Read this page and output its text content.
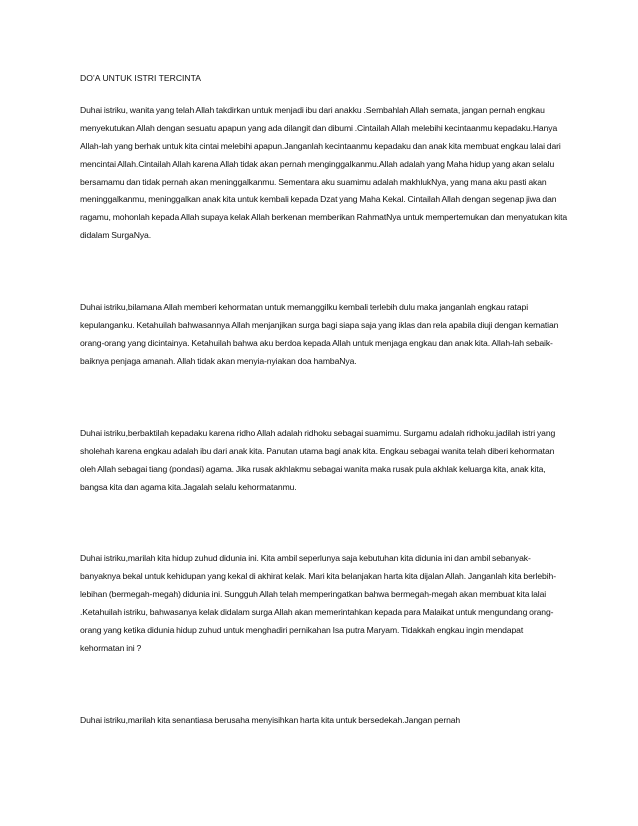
DO’A UNTUK ISTRI TERCINTA

Duhai istriku, wanita yang telah Allah takdirkan untuk menjadi ibu dari anakku .Sembahlah Allah semata, jangan pernah engkau menyekutukan Allah dengan sesuatu apapun yang ada dilangit dan dibumi .Cintailah Allah melebihi kecintaanmu kepadaku.Hanya Allah-lah yang berhak untuk kita cintai melebihi apapun.Janganlah kecintaanmu kepadaku dan anak kita membuat engkau lalai dari mencintai Allah.Cintailah Allah karena Allah tidak akan pernah menginggalkanmu.Allah adalah yang Maha hidup yang akan selalu bersamamu dan tidak pernah akan meninggalkanmu. Sementara aku suamimu adalah makhlukNya, yang mana aku pasti akan meninggalkanmu, meninggalkan anak kita untuk kembali kepada Dzat yang Maha Kekal. Cintailah Allah dengan segenap jiwa dan ragamu, mohonlah kepada Allah supaya kelak Allah berkenan memberikan RahmatNya untuk mempertemukan dan menyatukan kita didalam SurgaNya.

Duhai istriku,bilamana Allah memberi kehormatan untuk memanggilku kembali terlebih dulu maka janganlah engkau ratapi kepulanganku. Ketahuilah bahwasannya Allah menjanjikan surga bagi siapa saja yang iklas dan rela apabila diuji dengan kematian orang-orang yang dicintainya. Ketahuilah bahwa aku berdoa kepada Allah untuk menjaga engkau dan anak kita. Allah-lah sebaik-baiknya penjaga amanah. Allah tidak akan menyia-nyiakan doa hambaNya.

Duhai istriku,berbaktilah kepadaku karena ridho Allah adalah ridhoku sebagai suamimu. Surgamu adalah ridhoku.jadilah istri yang sholehah karena engkau adalah ibu dari anak kita. Panutan utama bagi anak kita. Engkau sebagai wanita telah diberi kehormatan oleh Allah sebagai tiang (pondasi) agama. Jika rusak akhlakmu sebagai wanita maka rusak pula akhlak keluarga kita, anak kita, bangsa kita dan agama kita.Jagalah selalu kehormatanmu.

Duhai istriku,marilah kita hidup zuhud didunia ini. Kita ambil seperlunya saja kebutuhan kita didunia ini dan ambil sebanyak-banyaknya bekal untuk kehidupan yang kekal di akhirat kelak. Mari kita belanjakan harta kita dijalan Allah. Janganlah kita berlebih-lebihan (bermegah-megah) didunia ini. Sungguh Allah telah memperingatkan bahwa bermegah-megah akan membuat kita lalai .Ketahuilah istriku, bahwasanya kelak didalam surga Allah akan memerintahkan kepada para Malaikat untuk mengundang orang-orang yang ketika didunia hidup zuhud untuk menghadiri pernikahan Isa putra Maryam. Tidakkah engkau ingin mendapat kehormatan ini ?

Duhai istriku,marilah kita senantiasa berusaha menyisihkan harta kita untuk bersedekah.Jangan pernah
